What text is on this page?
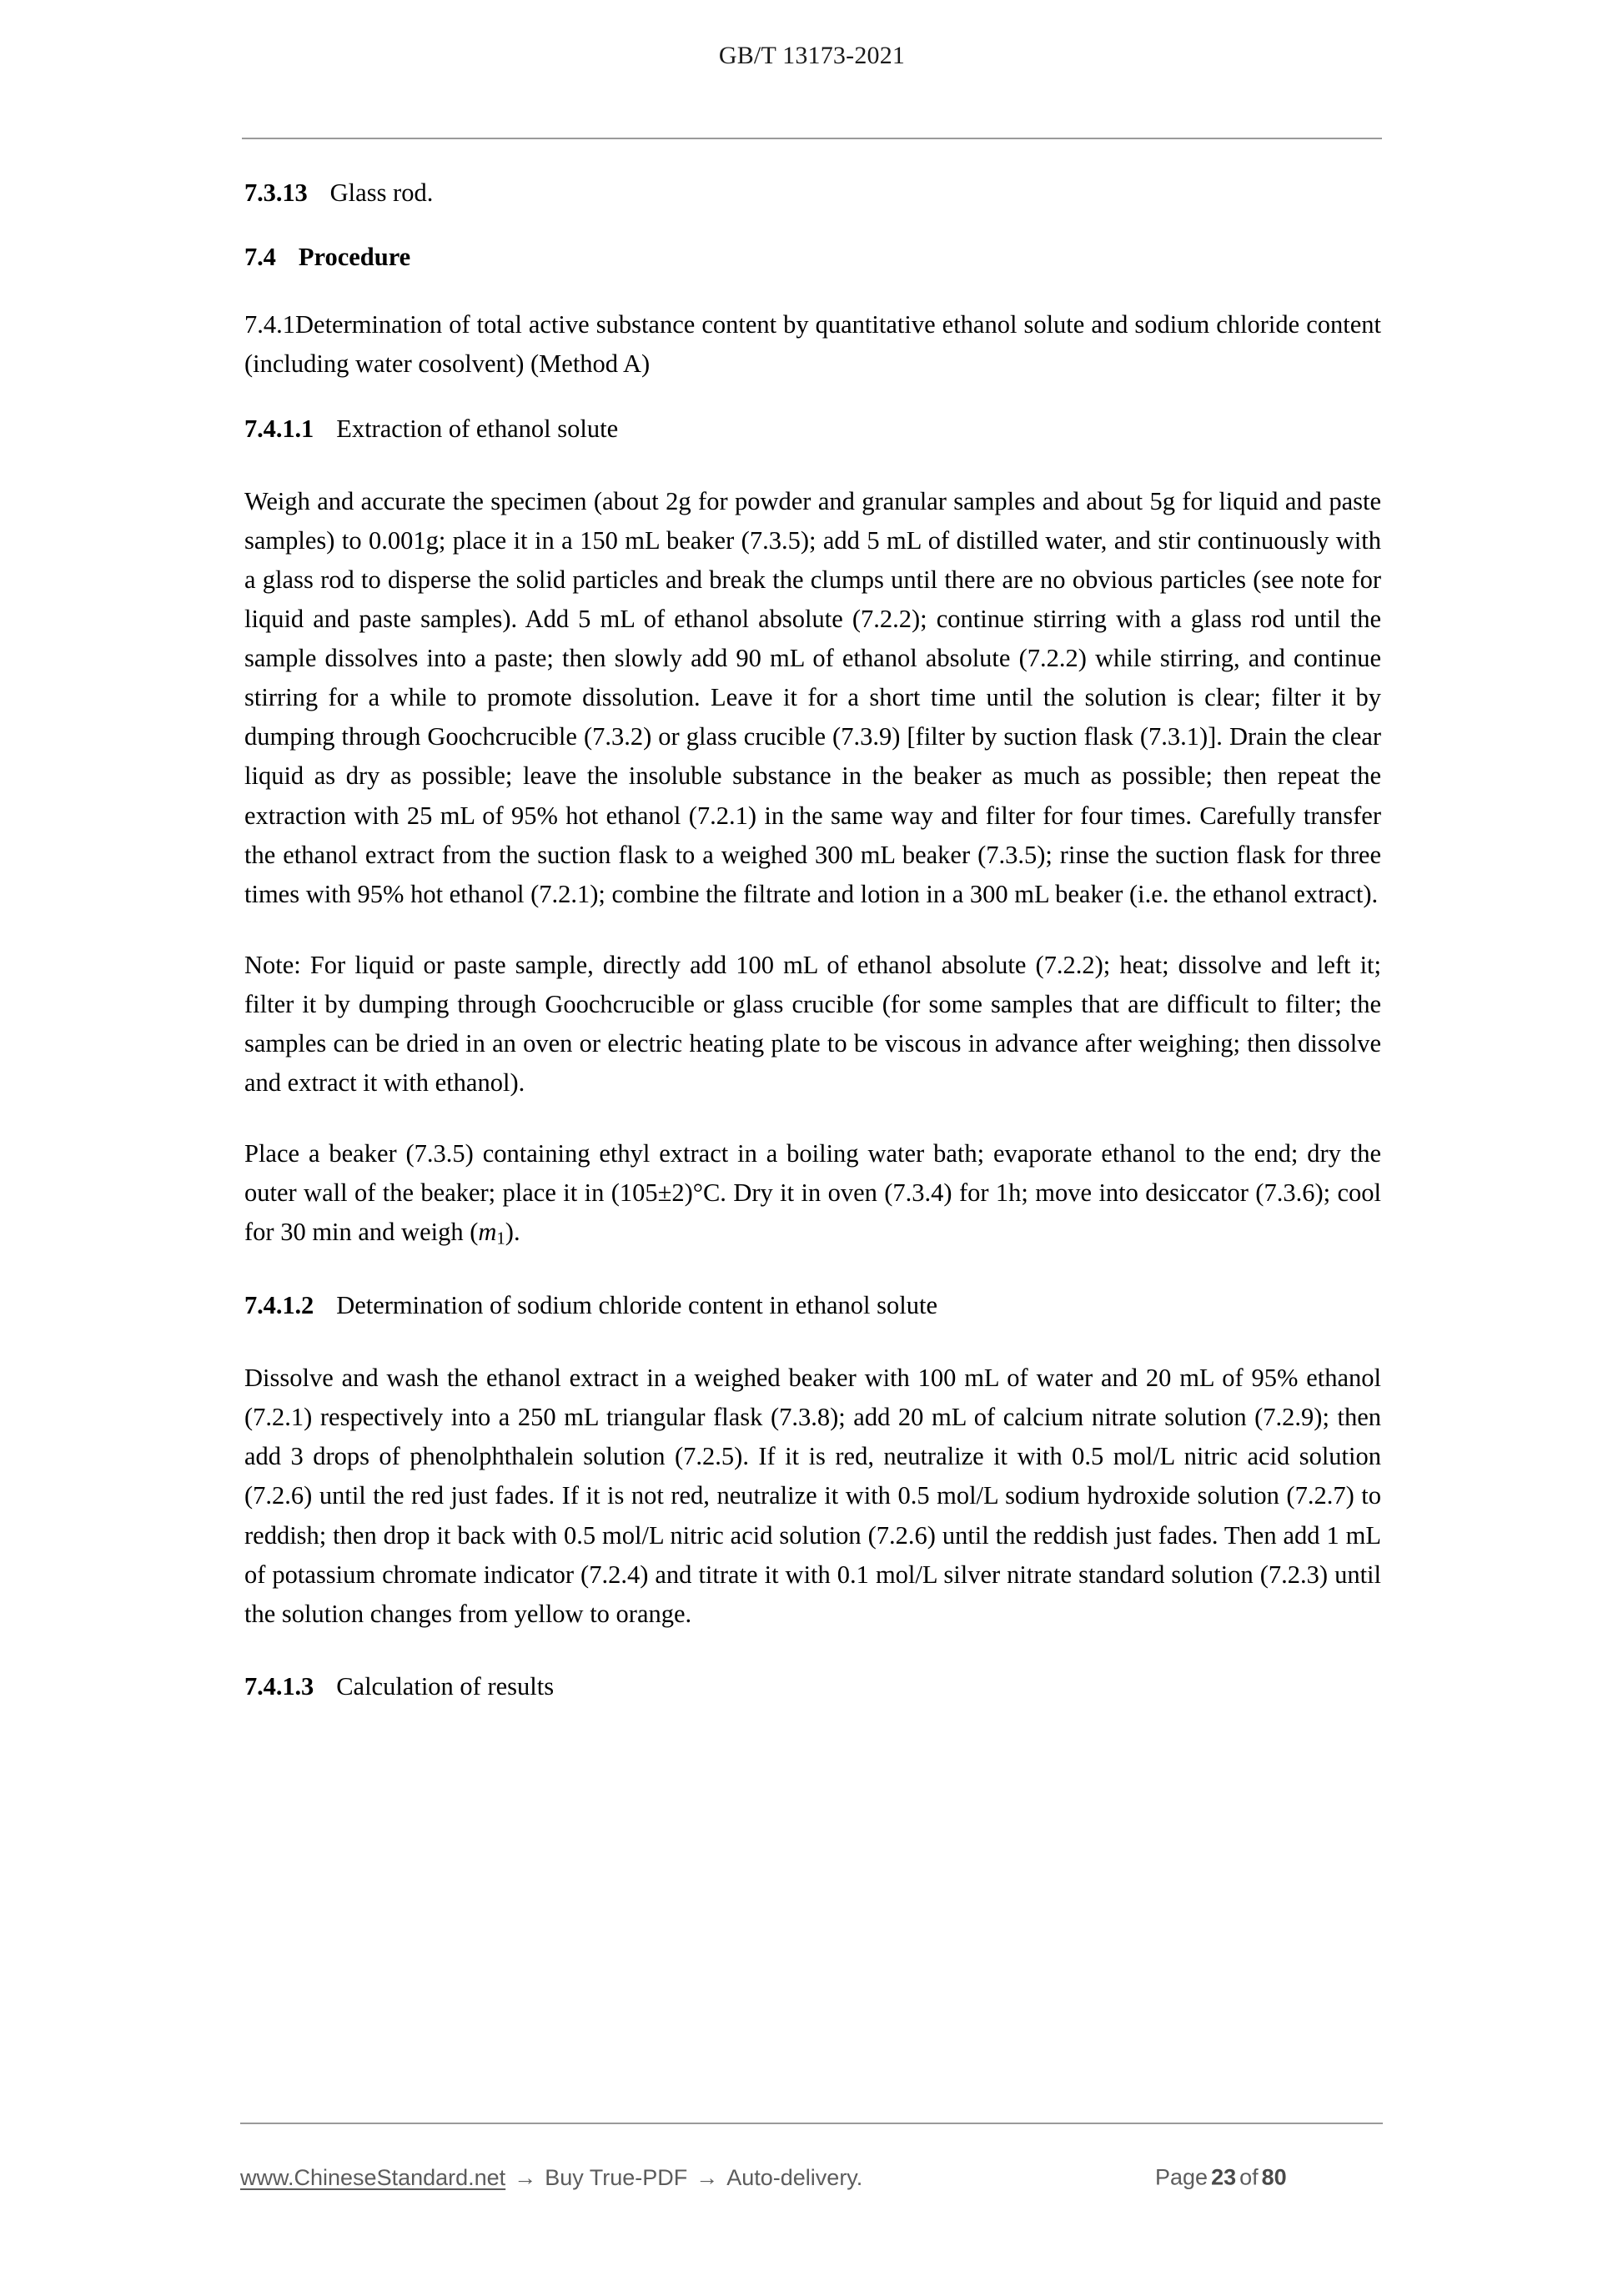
GB/T 13173-2021
7.3.13 Glass rod.
7.4 Procedure
7.4.1Determination of total active substance content by quantitative ethanol solute and sodium chloride content (including water cosolvent) (Method A)
7.4.1.1 Extraction of ethanol solute

Weigh and accurate the specimen (about 2g for powder and granular samples and about 5g for liquid and paste samples) to 0.001g; place it in a 150 mL beaker (7.3.5); add 5 mL of distilled water, and stir continuously with a glass rod to disperse the solid particles and break the clumps until there are no obvious particles (see note for liquid and paste samples). Add 5 mL of ethanol absolute (7.2.2); continue stirring with a glass rod until the sample dissolves into a paste; then slowly add 90 mL of ethanol absolute (7.2.2) while stirring, and continue stirring for a while to promote dissolution. Leave it for a short time until the solution is clear; filter it by dumping through Goochcrucible (7.3.2) or glass crucible (7.3.9) [filter by suction flask (7.3.1)]. Drain the clear liquid as dry as possible; leave the insoluble substance in the beaker as much as possible; then repeat the extraction with 25 mL of 95% hot ethanol (7.2.1) in the same way and filter for four times. Carefully transfer the ethanol extract from the suction flask to a weighed 300 mL beaker (7.3.5); rinse the suction flask for three times with 95% hot ethanol (7.2.1); combine the filtrate and lotion in a 300 mL beaker (i.e. the ethanol extract).

Note: For liquid or paste sample, directly add 100 mL of ethanol absolute (7.2.2); heat; dissolve and left it; filter it by dumping through Goochcrucible or glass crucible (for some samples that are difficult to filter; the samples can be dried in an oven or electric heating plate to be viscous in advance after weighing; then dissolve and extract it with ethanol).

Place a beaker (7.3.5) containing ethyl extract in a boiling water bath; evaporate ethanol to the end; dry the outer wall of the beaker; place it in (105±2)°C. Dry it in oven (7.3.4) for 1h; move into desiccator (7.3.6); cool for 30 min and weigh $(m_1)$.

7.4.1.2 Determination of sodium chloride content in ethanol solute

Dissolve and wash the ethanol extract in a weighed beaker with 100 mL of water and 20 mL of 95% ethanol (7.2.1) respectively into a 250 mL triangular flask (7.3.8); add 20 mL of calcium nitrate solution (7.2.9); then add 3 drops of phenolphthalein solution (7.2.5). If it is red, neutralize it with 0.5 mol/L nitric acid solution (7.2.6) until the red just fades. If it is not red, neutralize it with 0.5 mol/L sodium hydroxide solution (7.2.7) to reddish; then drop it back with 0.5 mol/L nitric acid solution (7.2.6) until the reddish just fades. Then add 1 mL of potassium chromate indicator (7.2.4) and titrate it with 0.1 mol/L silver nitrate standard solution (7.2.3) until the solution changes from yellow to orange.

7.4.1.3 Calculation of results
www.ChineseStandard.net → Buy True-PDF → Auto-delivery.	Page 23 of 80
